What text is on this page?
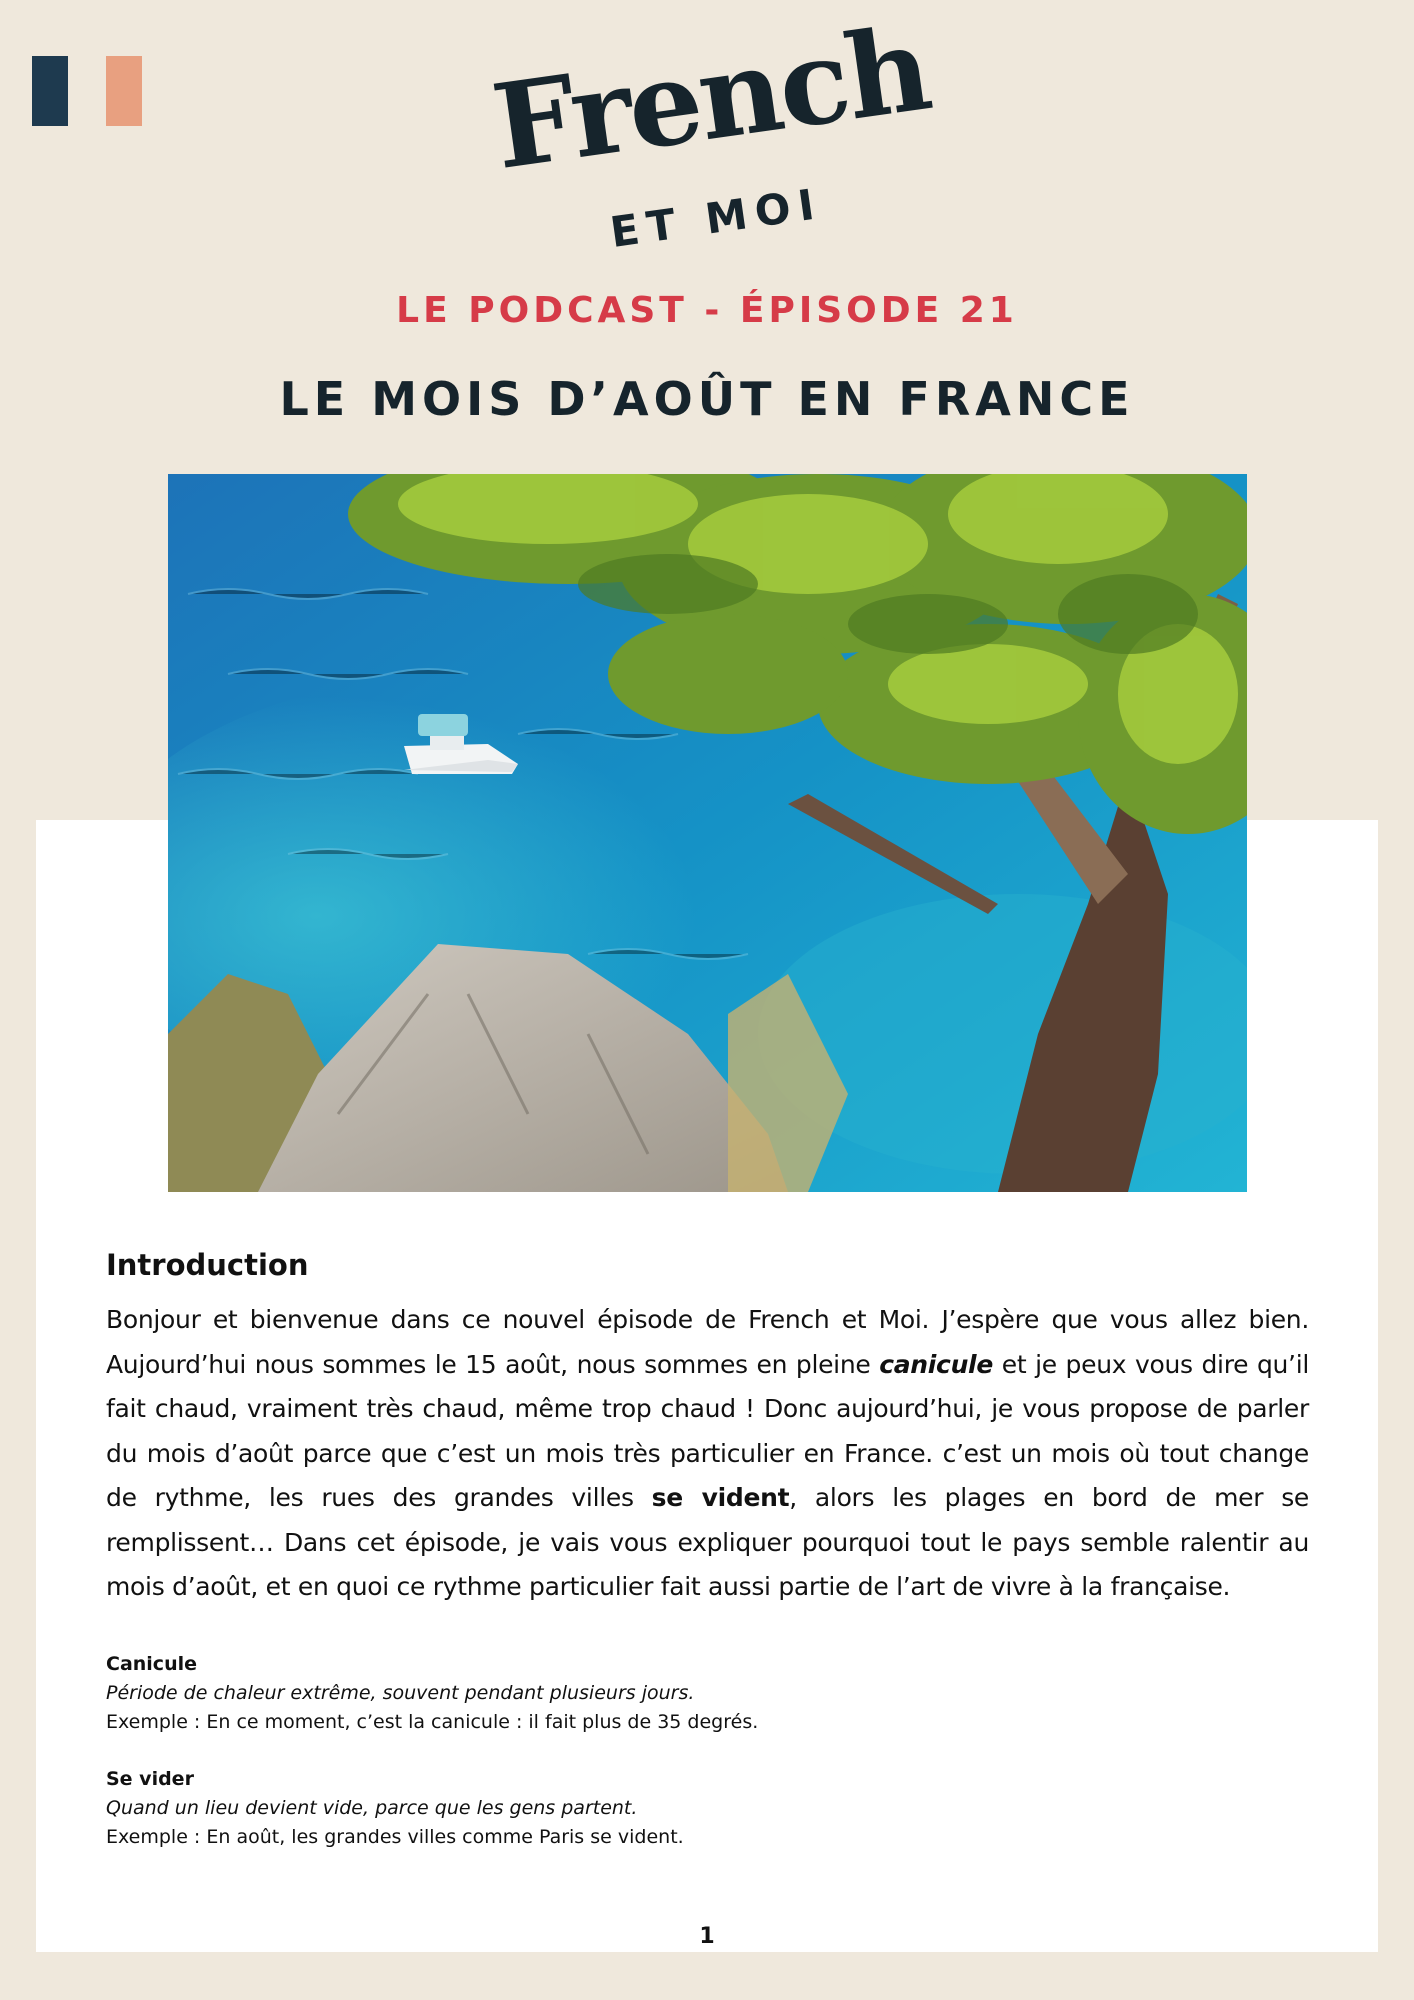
French
ET MOI
LE PODCAST - ÉPISODE 21
LE MOIS D’AOÛT EN FRANCE
Introduction

Bonjour et bienvenue dans ce nouvel épisode de French et Moi. J’espère que vous allez bien. Aujourd’hui nous sommes le 15 août, nous sommes en pleine canicule et je peux vous dire qu’il fait chaud, vraiment très chaud, même trop chaud ! Donc aujourd’hui, je vous propose de parler du mois d’août parce que c’est un mois très particulier en France. c’est un mois où tout change de rythme, les rues des grandes villes se vident, alors les plages en bord de mer se remplissent… Dans cet épisode, je vais vous expliquer pourquoi tout le pays semble ralentir au mois d’août, et en quoi ce rythme particulier fait aussi partie de l’art de vivre à la française.

Canicule
Période de chaleur extrême, souvent pendant plusieurs jours.
Exemple : En ce moment, c’est la canicule : il fait plus de 35 degrés.
Se vider
Quand un lieu devient vide, parce que les gens partent.
Exemple : En août, les grandes villes comme Paris se vident.
1
